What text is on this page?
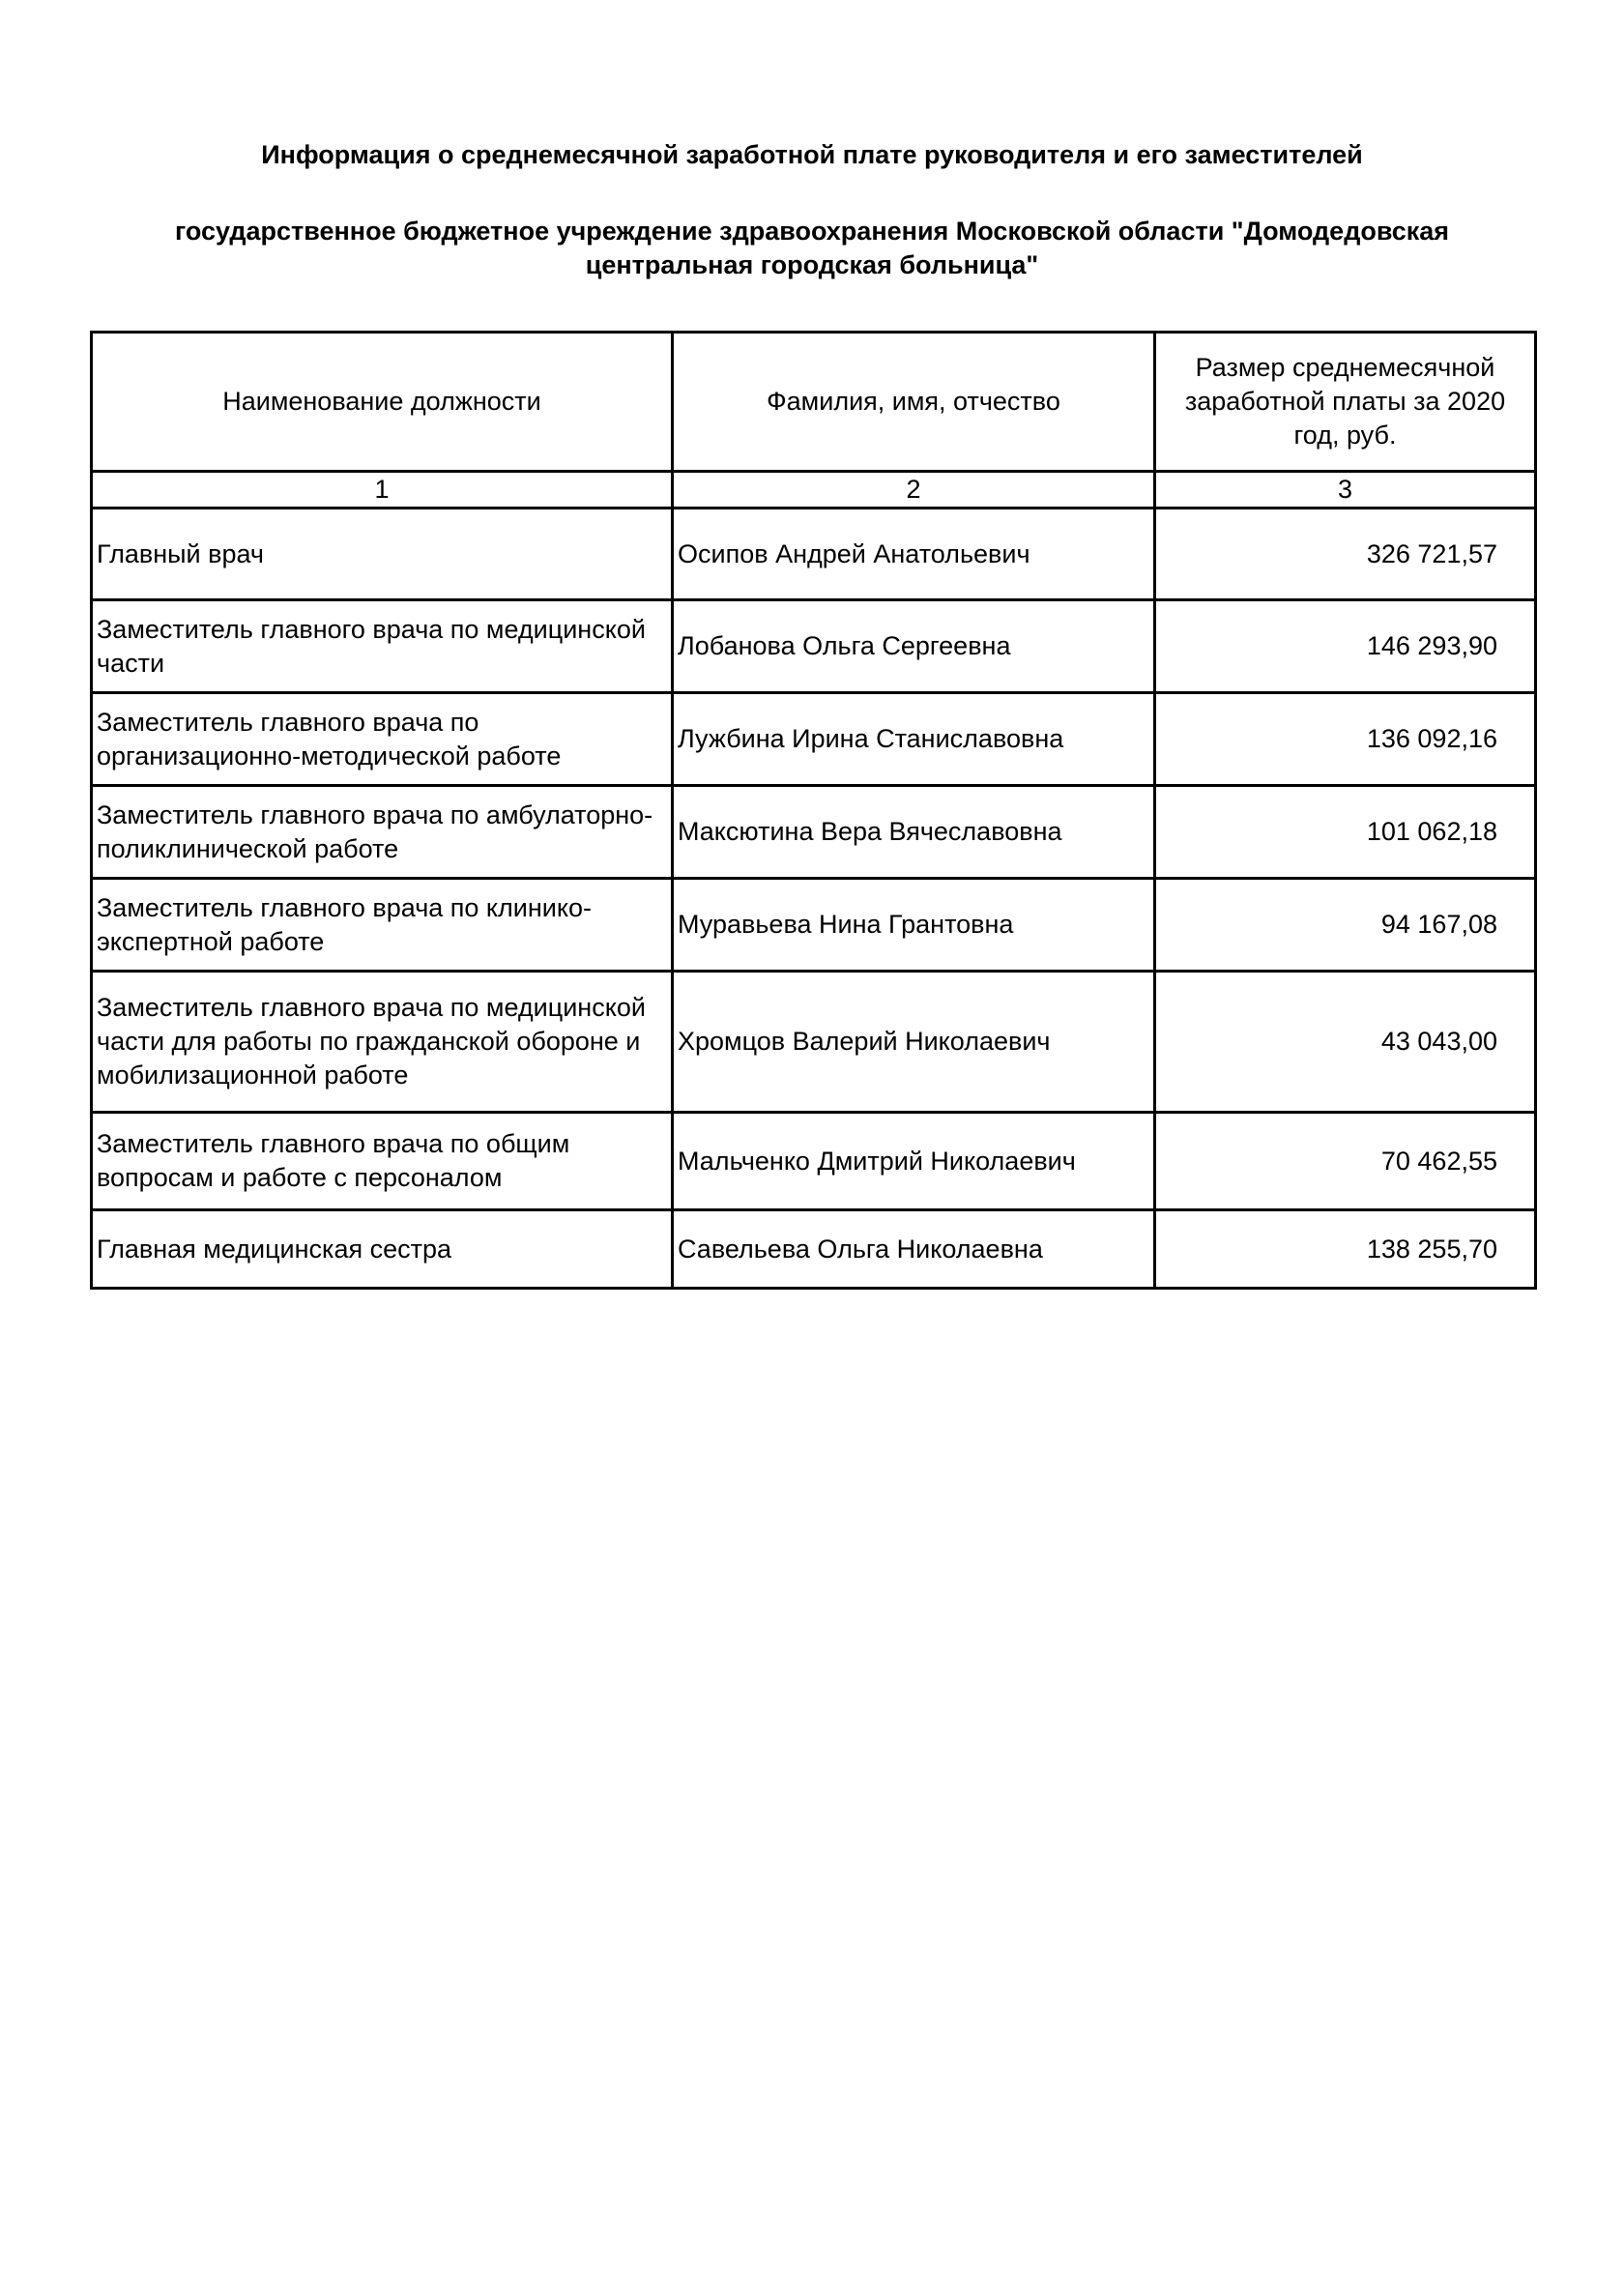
Информация о среднемесячной заработной плате руководителя и его заместителей
государственное бюджетное учреждение здравоохранения Московской области "Домодедовская центральная городская больница"
Наименование должности	Фамилия, имя, отчество	Размер среднемесячной заработной платы за 2020 год, руб.
1	2	3
Главный врач	Осипов Андрей Анатольевич	326 721,57
Заместитель главного врача по медицинской части	Лобанова Ольга Сергеевна	146 293,90
Заместитель главного врача по организационно-методической работе	Лужбина Ирина Станиславовна	136 092,16
Заместитель главного врача по амбулаторно-поликлинической работе	Максютина Вера Вячеславовна	101 062,18
Заместитель главного врача по клинико-экспертной работе	Муравьева Нина Грантовна	94 167,08
Заместитель главного врача по медицинской части для работы по гражданской обороне и мобилизационной работе	Хромцов Валерий Николаевич	43 043,00
Заместитель главного врача по общим вопросам и работе с персоналом	Мальченко Дмитрий Николаевич	70 462,55
Главная медицинская сестра	Савельева Ольга Николаевна	138 255,70
